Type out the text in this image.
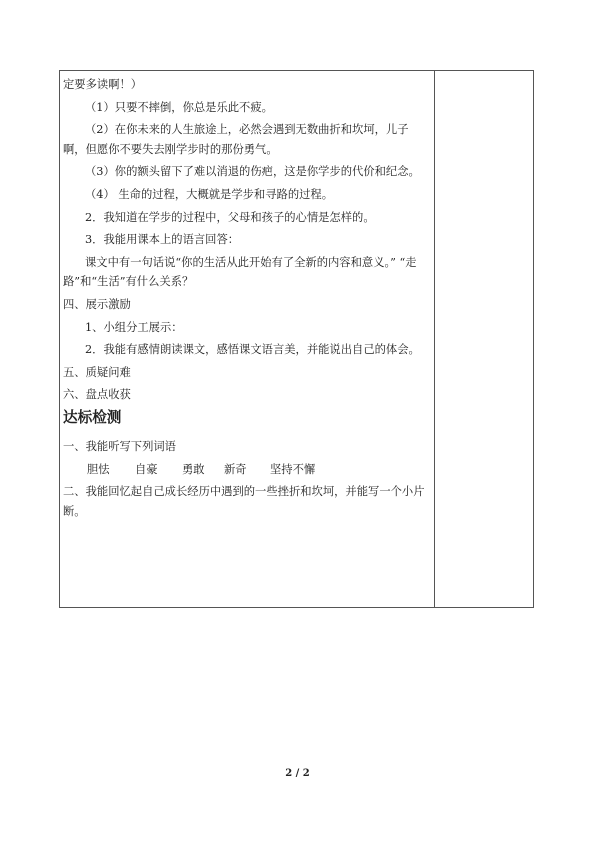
定要多读啊！）

（1）只要不摔倒，你总是乐此不疲。

（2）在你未来的人生旅途上，必然会遇到无数曲折和坎坷，儿子啊，但愿你不要失去刚学步时的那份勇气。

（3）你的额头留下了难以消退的伤疤，这是你学步的代价和纪念。

（4） 生命的过程，大概就是学步和寻路的过程。

2．我知道在学步的过程中，父母和孩子的心情是怎样的。

3．我能用课本上的语言回答：

课文中有一句话说“你的生活从此开始有了全新的内容和意义。” “走路”和“生活”有什么关系？

四、展示激励

1、小组分工展示：

2．我能有感情朗读课文，感悟课文语言美，并能说出自己的体会。

五、质疑问难

六、盘点收获

达标检测

一、我能听写下列词语

胆怯	自豪	勇敢	新奇	坚持不懈

二、我能回忆起自己成长经历中遇到的一些挫折和坎坷，并能写一个小片断。

2 / 2
